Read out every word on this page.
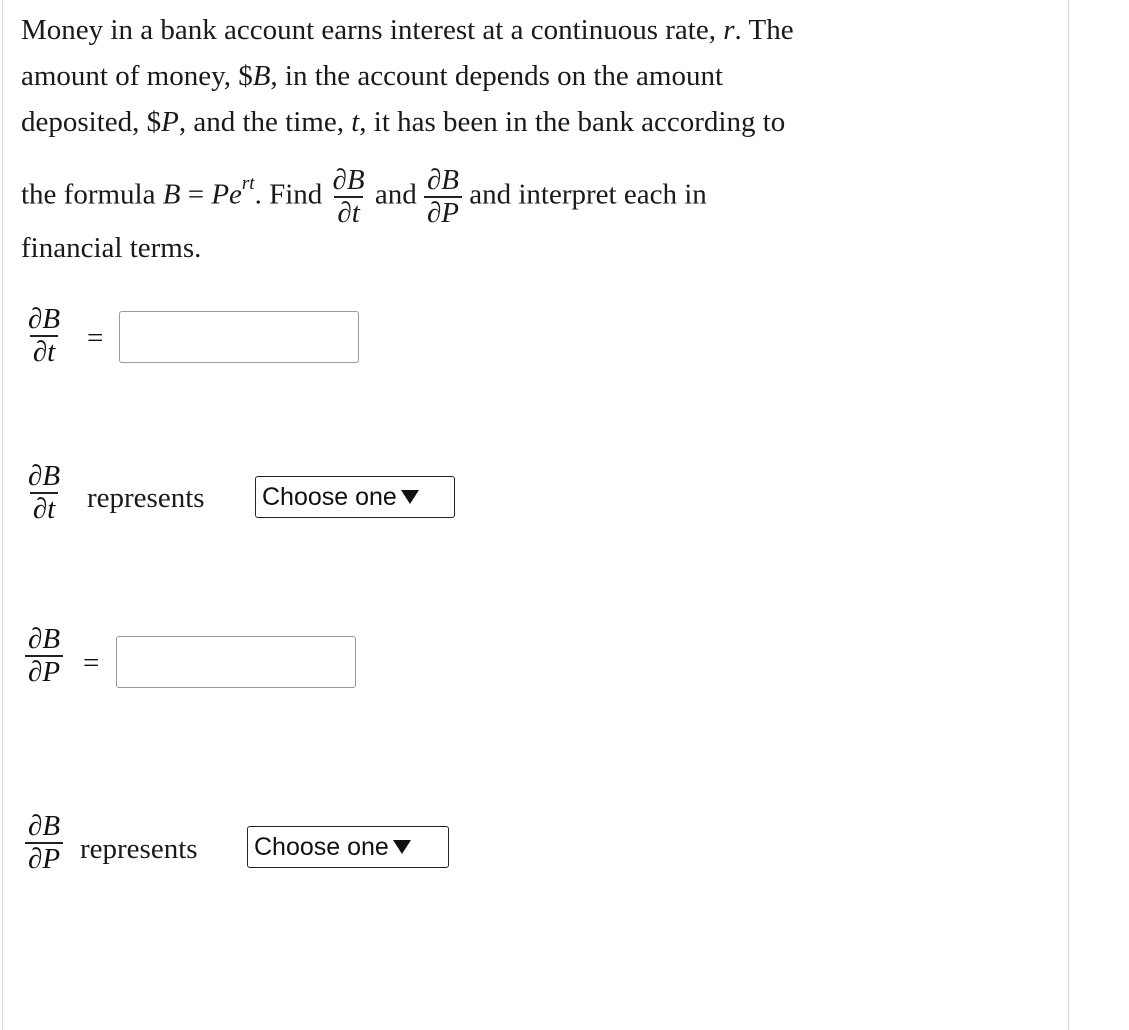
Money in a bank account earns interest at a continuous rate, r. The
amount of money, $B, in the account depends on the amount
deposited, $P, and the time, t, it has been in the bank according to
the formula $B = Pe^{rt}$. Find $\frac{\partial B}{\partial t}$ and $\frac{\partial B}{\partial P}$ and interpret each in
financial terms.
$\frac{\partial B}{\partial t}$ =
$\frac{\partial B}{\partial t}$ represents Choose one
$\frac{\partial B}{\partial P}$ =
$\frac{\partial B}{\partial P}$ represents Choose one
